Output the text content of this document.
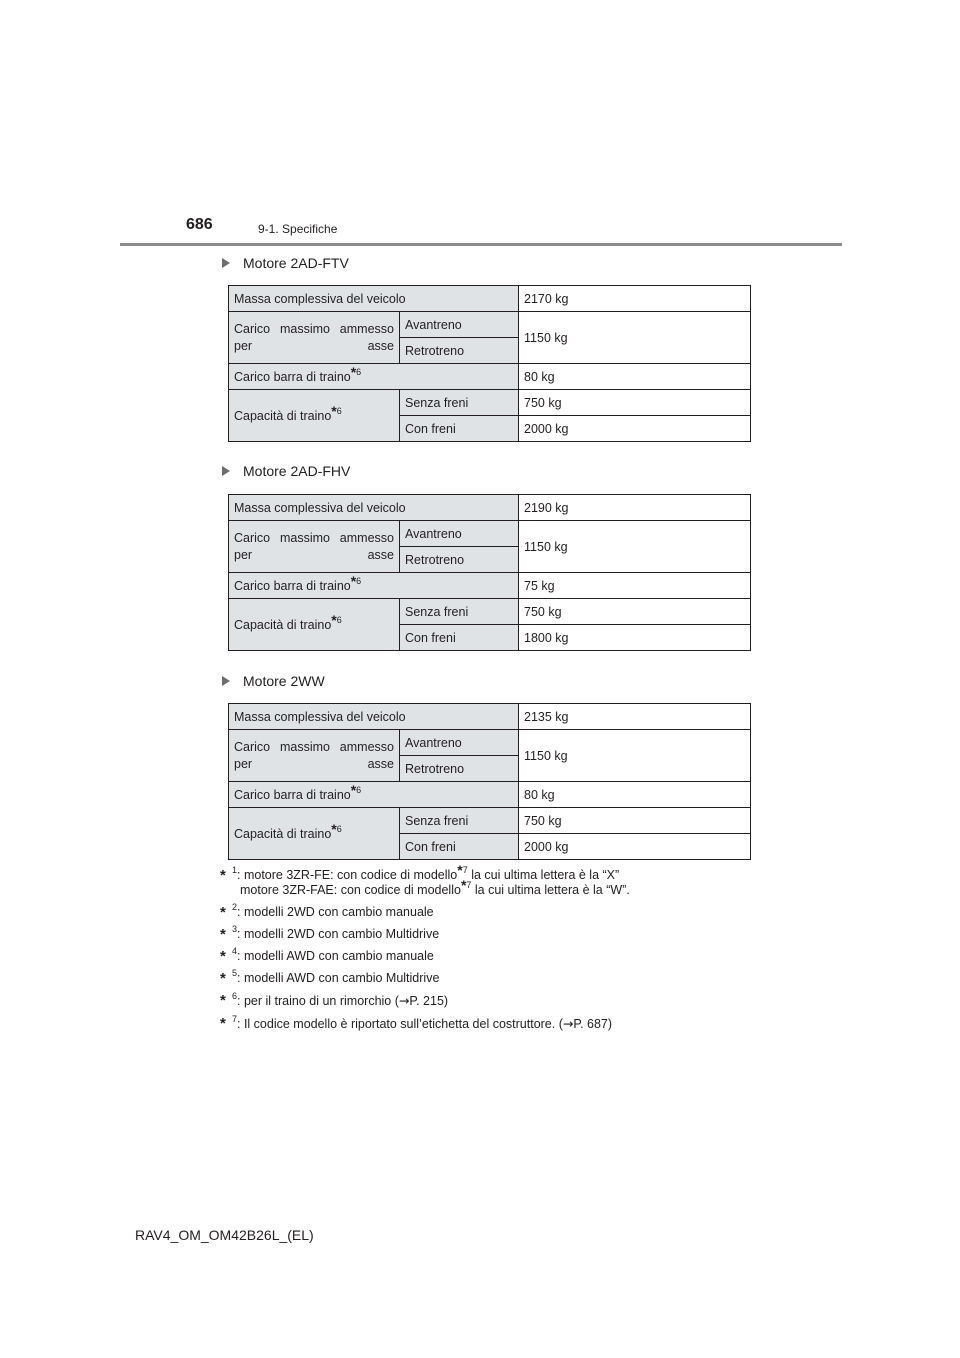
686	9-1. Specifiche
Motore 2AD-FTV
Massa complessiva del veicolo		2170 kg
Carico massimo ammesso per asse	Avantreno	1150 kg
	Retrotreno	
Carico barra di traino$^{*6}$		80 kg
Capacità di traino$^{*6}$	Senza freni	750 kg
	Con freni	2000 kg
Motore 2AD-FHV
Massa complessiva del veicolo		2190 kg
Carico massimo ammesso per asse	Avantreno	1150 kg
	Retrotreno	
Carico barra di traino$^{*6}$		75 kg
Capacità di traino$^{*6}$	Senza freni	750 kg
	Con freni	1800 kg
Motore 2WW
Massa complessiva del veicolo		2135 kg
Carico massimo ammesso per asse	Avantreno	1150 kg
	Retrotreno	
Carico barra di traino$^{*6}$		80 kg
Capacità di traino$^{*6}$	Senza freni	750 kg
	Con freni	2000 kg
* $^1$: motore 3ZR-FE: con codice di modello$^{*7}$ la cui ultima lettera è la “X”
motore 3ZR-FAE: con codice di modello$^{*7}$ la cui ultima lettera è la “W”.
* $^2$: modelli 2WD con cambio manuale
* $^3$: modelli 2WD con cambio Multidrive
* $^4$: modelli AWD con cambio manuale
* $^5$: modelli AWD con cambio Multidrive
* $^6$: per il traino di un rimorchio (→P. 215)
* $^7$: Il codice modello è riportato sull’etichetta del costruttore. (→P. 687)
RAV4_OM_OM42B26L_(EL)
